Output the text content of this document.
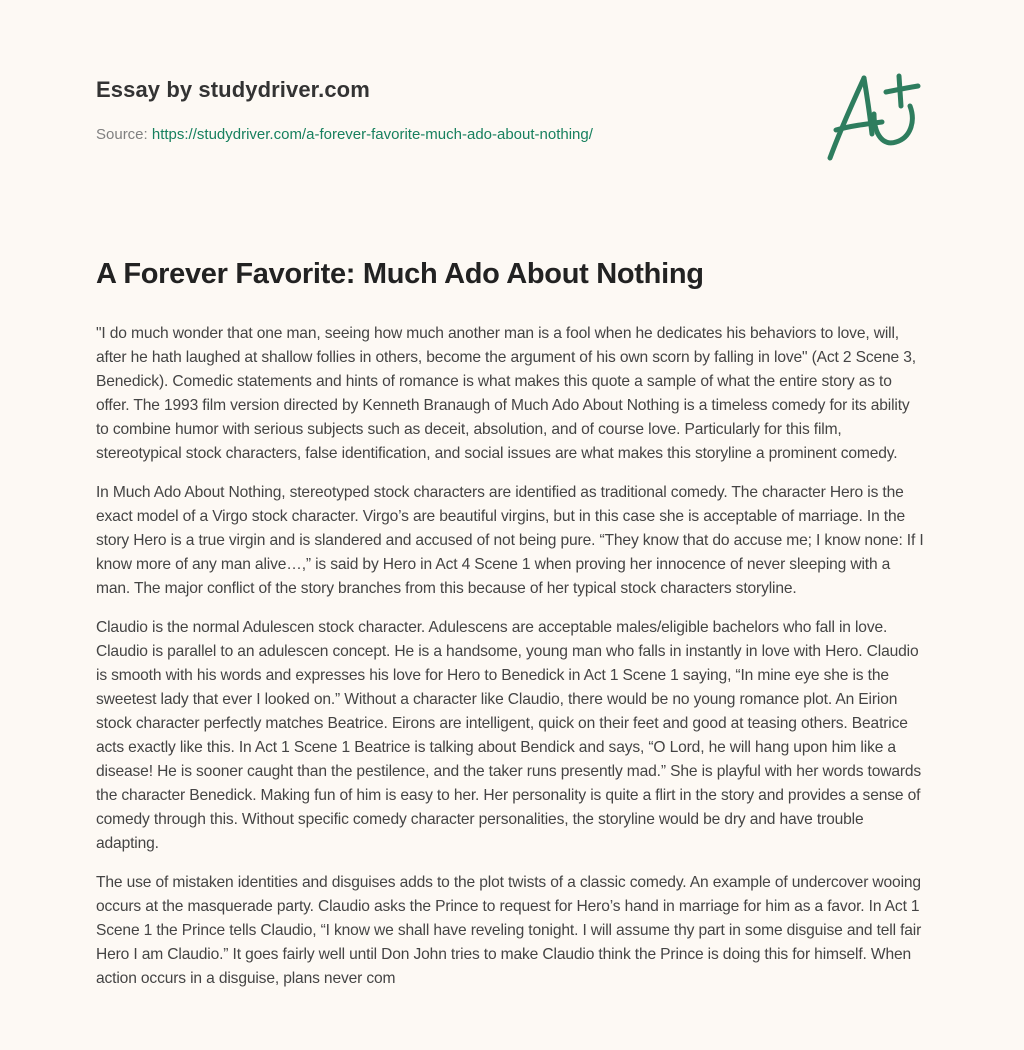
Essay by studydriver.com
Source: https://studydriver.com/a-forever-favorite-much-ado-about-nothing/
A Forever Favorite: Much Ado About Nothing

"I do much wonder that one man, seeing how much another man is a fool when he dedicates his behaviors to love, will, after he hath laughed at shallow follies in others, become the argument of his own scorn by falling in love" (Act 2 Scene 3, Benedick). Comedic statements and hints of romance is what makes this quote a sample of what the entire story as to offer. The 1993 film version directed by Kenneth Branaugh of Much Ado About Nothing is a timeless comedy for its ability to combine humor with serious subjects such as deceit, absolution, and of course love. Particularly for this film, stereotypical stock characters, false identification, and social issues are what makes this storyline a prominent comedy.

In Much Ado About Nothing, stereotyped stock characters are identified as traditional comedy. The character Hero is the exact model of a Virgo stock character. Virgo’s are beautiful virgins, but in this case she is acceptable of marriage. In the story Hero is a true virgin and is slandered and accused of not being pure. “They know that do accuse me; I know none: If I know more of any man alive…,” is said by Hero in Act 4 Scene 1 when proving her innocence of never sleeping with a man. The major conflict of the story branches from this because of her typical stock characters storyline.

Claudio is the normal Adulescen stock character. Adulescens are acceptable males/eligible bachelors who fall in love. Claudio is parallel to an adulescen concept. He is a handsome, young man who falls in instantly in love with Hero. Claudio is smooth with his words and expresses his love for Hero to Benedick in Act 1 Scene 1 saying, “In mine eye she is the sweetest lady that ever I looked on.” Without a character like Claudio, there would be no young romance plot. An Eirion stock character perfectly matches Beatrice. Eirons are intelligent, quick on their feet and good at teasing others. Beatrice acts exactly like this. In Act 1 Scene 1 Beatrice is talking about Bendick and says, “O Lord, he will hang upon him like a disease! He is sooner caught than the pestilence, and the taker runs presently mad.” She is playful with her words towards the character Benedick. Making fun of him is easy to her. Her personality is quite a flirt in the story and provides a sense of comedy through this. Without specific comedy character personalities, the storyline would be dry and have trouble adapting.

The use of mistaken identities and disguises adds to the plot twists of a classic comedy. An example of undercover wooing occurs at the masquerade party. Claudio asks the Prince to request for Hero’s hand in marriage for him as a favor. In Act 1 Scene 1 the Prince tells Claudio, “I know we shall have reveling tonight. I will assume thy part in some disguise and tell fair Hero I am Claudio.” It goes fairly well until Don John tries to make Claudio think the Prince is doing this for himself. When action occurs in a disguise, plans never com
